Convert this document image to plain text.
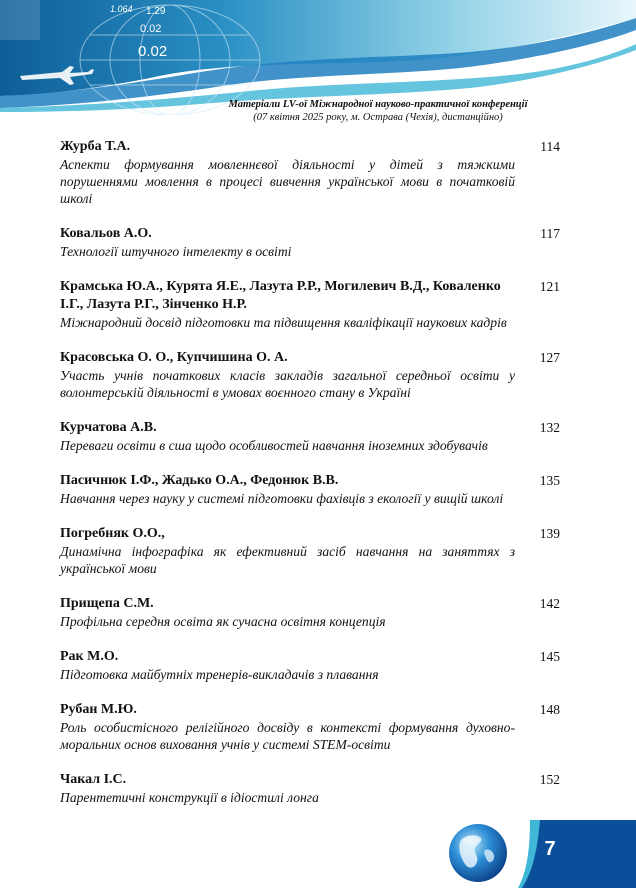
1.064 1.29
0.02
0.02
Матеріали LV-ої Міжнародної науково-практичної конференції
(07 квітня 2025 року, м. Острава (Чехія), дистанційно)
Журба Т.А.
Аспекти формування мовленнєвої діяльності у дітей з тяжкими порушеннями мовлення в процесі вивчення української мови в початковій школі
114
Ковальов А.О.
Технології штучного інтелекту в освіті
117
Крамська Ю.А., Курята Я.Е., Лазута Р.Р., Могилевич В.Д., Коваленко І.Г., Лазута Р.Г., Зінченко Н.Р.
Міжнародний досвід підготовки та підвищення кваліфікації наукових кадрів
121
Красовська О. О., Купчишина О. А.
Участь учнів початкових класів закладів загальної середньої освіти у волонтерській діяльності в умовах воєнного стану в Україні
127
Курчатова А.В.
Переваги освіти в сша щодо особливостей навчання іноземних здобувачів
132
Пасичнюк І.Ф., Жадько О.А., Федонюк В.В.
Навчання через науку у системі підготовки фахівців з екології у вищій школі
135
Погребняк О.О.,
Динамічна інфографіка як ефективний засіб навчання на заняттях з української мови
139
Прищепа С.М.
Профільна середня освіта як сучасна освітня концепція
142
Рак М.О.
Підготовка майбутніх тренерів-викладачів з плавання
145
Рубан М.Ю.
Роль особистісного релігійного досвіду в контексті формування духовно-моральних основ виховання учнів у системі STEM-освіти
148
Чакал І.С.
Парентетичні конструкції в ідіостилі лонга
152
7
